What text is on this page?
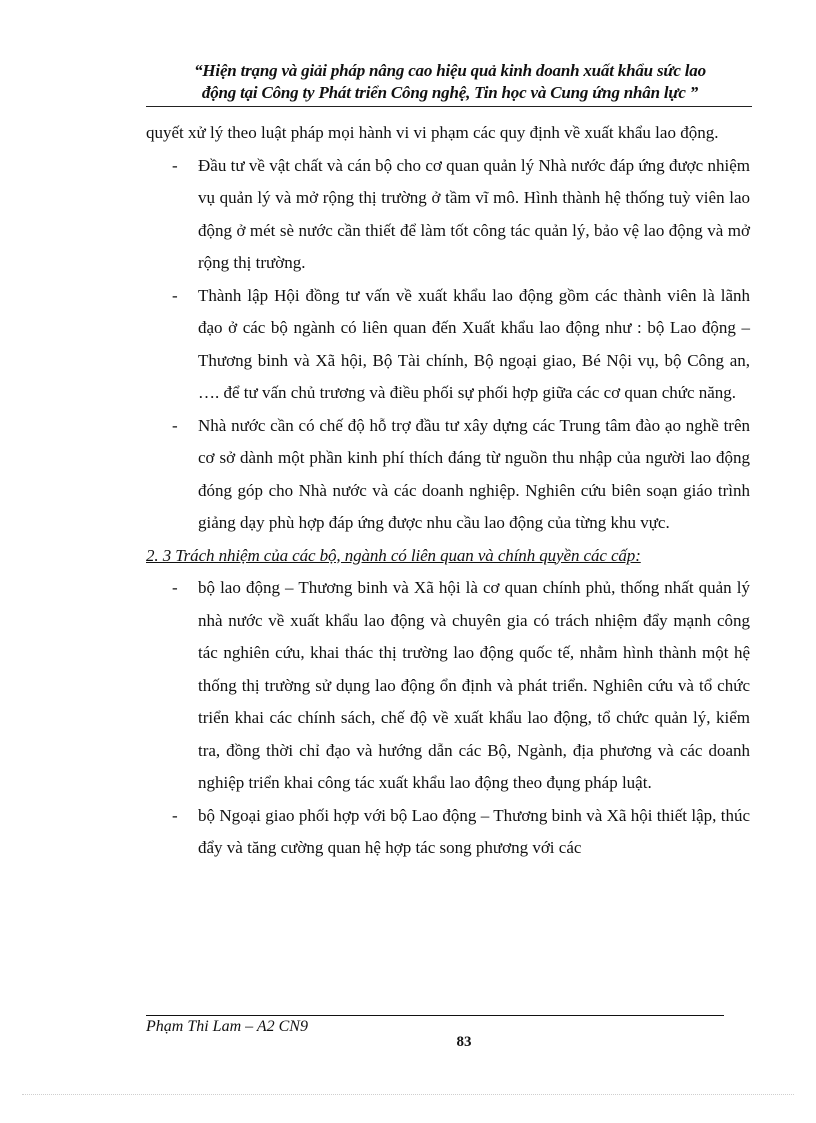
“Hiện trạng và giải pháp nâng cao hiệu quả kinh doanh xuất khẩu sức lao
động tại Công ty Phát triển Công nghệ, Tin học và Cung ứng nhân lực ”

quyết xử lý theo luật pháp mọi hành vi vi phạm các quy định về xuất khẩu lao động.

- Đầu tư về vật chất và cán bộ cho cơ quan quản lý Nhà nước đáp ứng được nhiệm vụ quản lý và mở rộng thị trường ở tầm vĩ mô. Hình thành hệ thống tuỳ viên lao động ở mét sè nước cần thiết để làm tốt công tác quản lý, bảo vệ lao động và mở rộng thị trường.

- Thành lập Hội đồng tư vấn về xuất khẩu lao động gồm các thành viên là lãnh đạo ở các bộ ngành có liên quan đến Xuất khẩu lao động như : bộ Lao động – Thương binh và Xã hội, Bộ Tài chính, Bộ ngoại giao, Bé Nội vụ, bộ Công an, …. để tư vấn chủ trương và điều phối sự phối hợp giữa các cơ quan chức năng.

- Nhà nước cần có chế độ hỗ trợ đầu tư xây dựng các Trung tâm đào ạo nghề trên cơ sở dành một phần kinh phí thích đáng từ nguồn thu nhập của người lao động đóng góp cho Nhà nước và các doanh nghiệp. Nghiên cứu biên soạn giáo trình giảng dạy phù hợp đáp ứng được nhu cầu lao động của từng khu vực.

2. 3 Trách nhiệm của các bộ, ngành có liên quan và chính quyền các cấp:

- bộ lao động – Thương binh và Xã hội là cơ quan chính phủ, thống nhất quản lý nhà nước về xuất khẩu lao động và chuyên gia có trách nhiệm đẩy mạnh công tác nghiên cứu, khai thác thị trường lao động quốc tế, nhằm hình thành một hệ thống thị trường sử dụng lao động ổn định và phát triển. Nghiên cứu và tổ chức triển khai các chính sách, chế độ về xuất khẩu lao động, tổ chức quản lý, kiểm tra, đồng thời chỉ đạo và hướng dẫn các Bộ, Ngành, địa phương và các doanh nghiệp triển khai công tác xuất khẩu lao động theo đụng pháp luật.

- bộ Ngoại giao phối hợp với bộ Lao động – Thương binh và Xã hội thiết lập, thúc đẩy và tăng cường quan hệ hợp tác song phương với các

Phạm Thi Lam – A2 CN9
83
